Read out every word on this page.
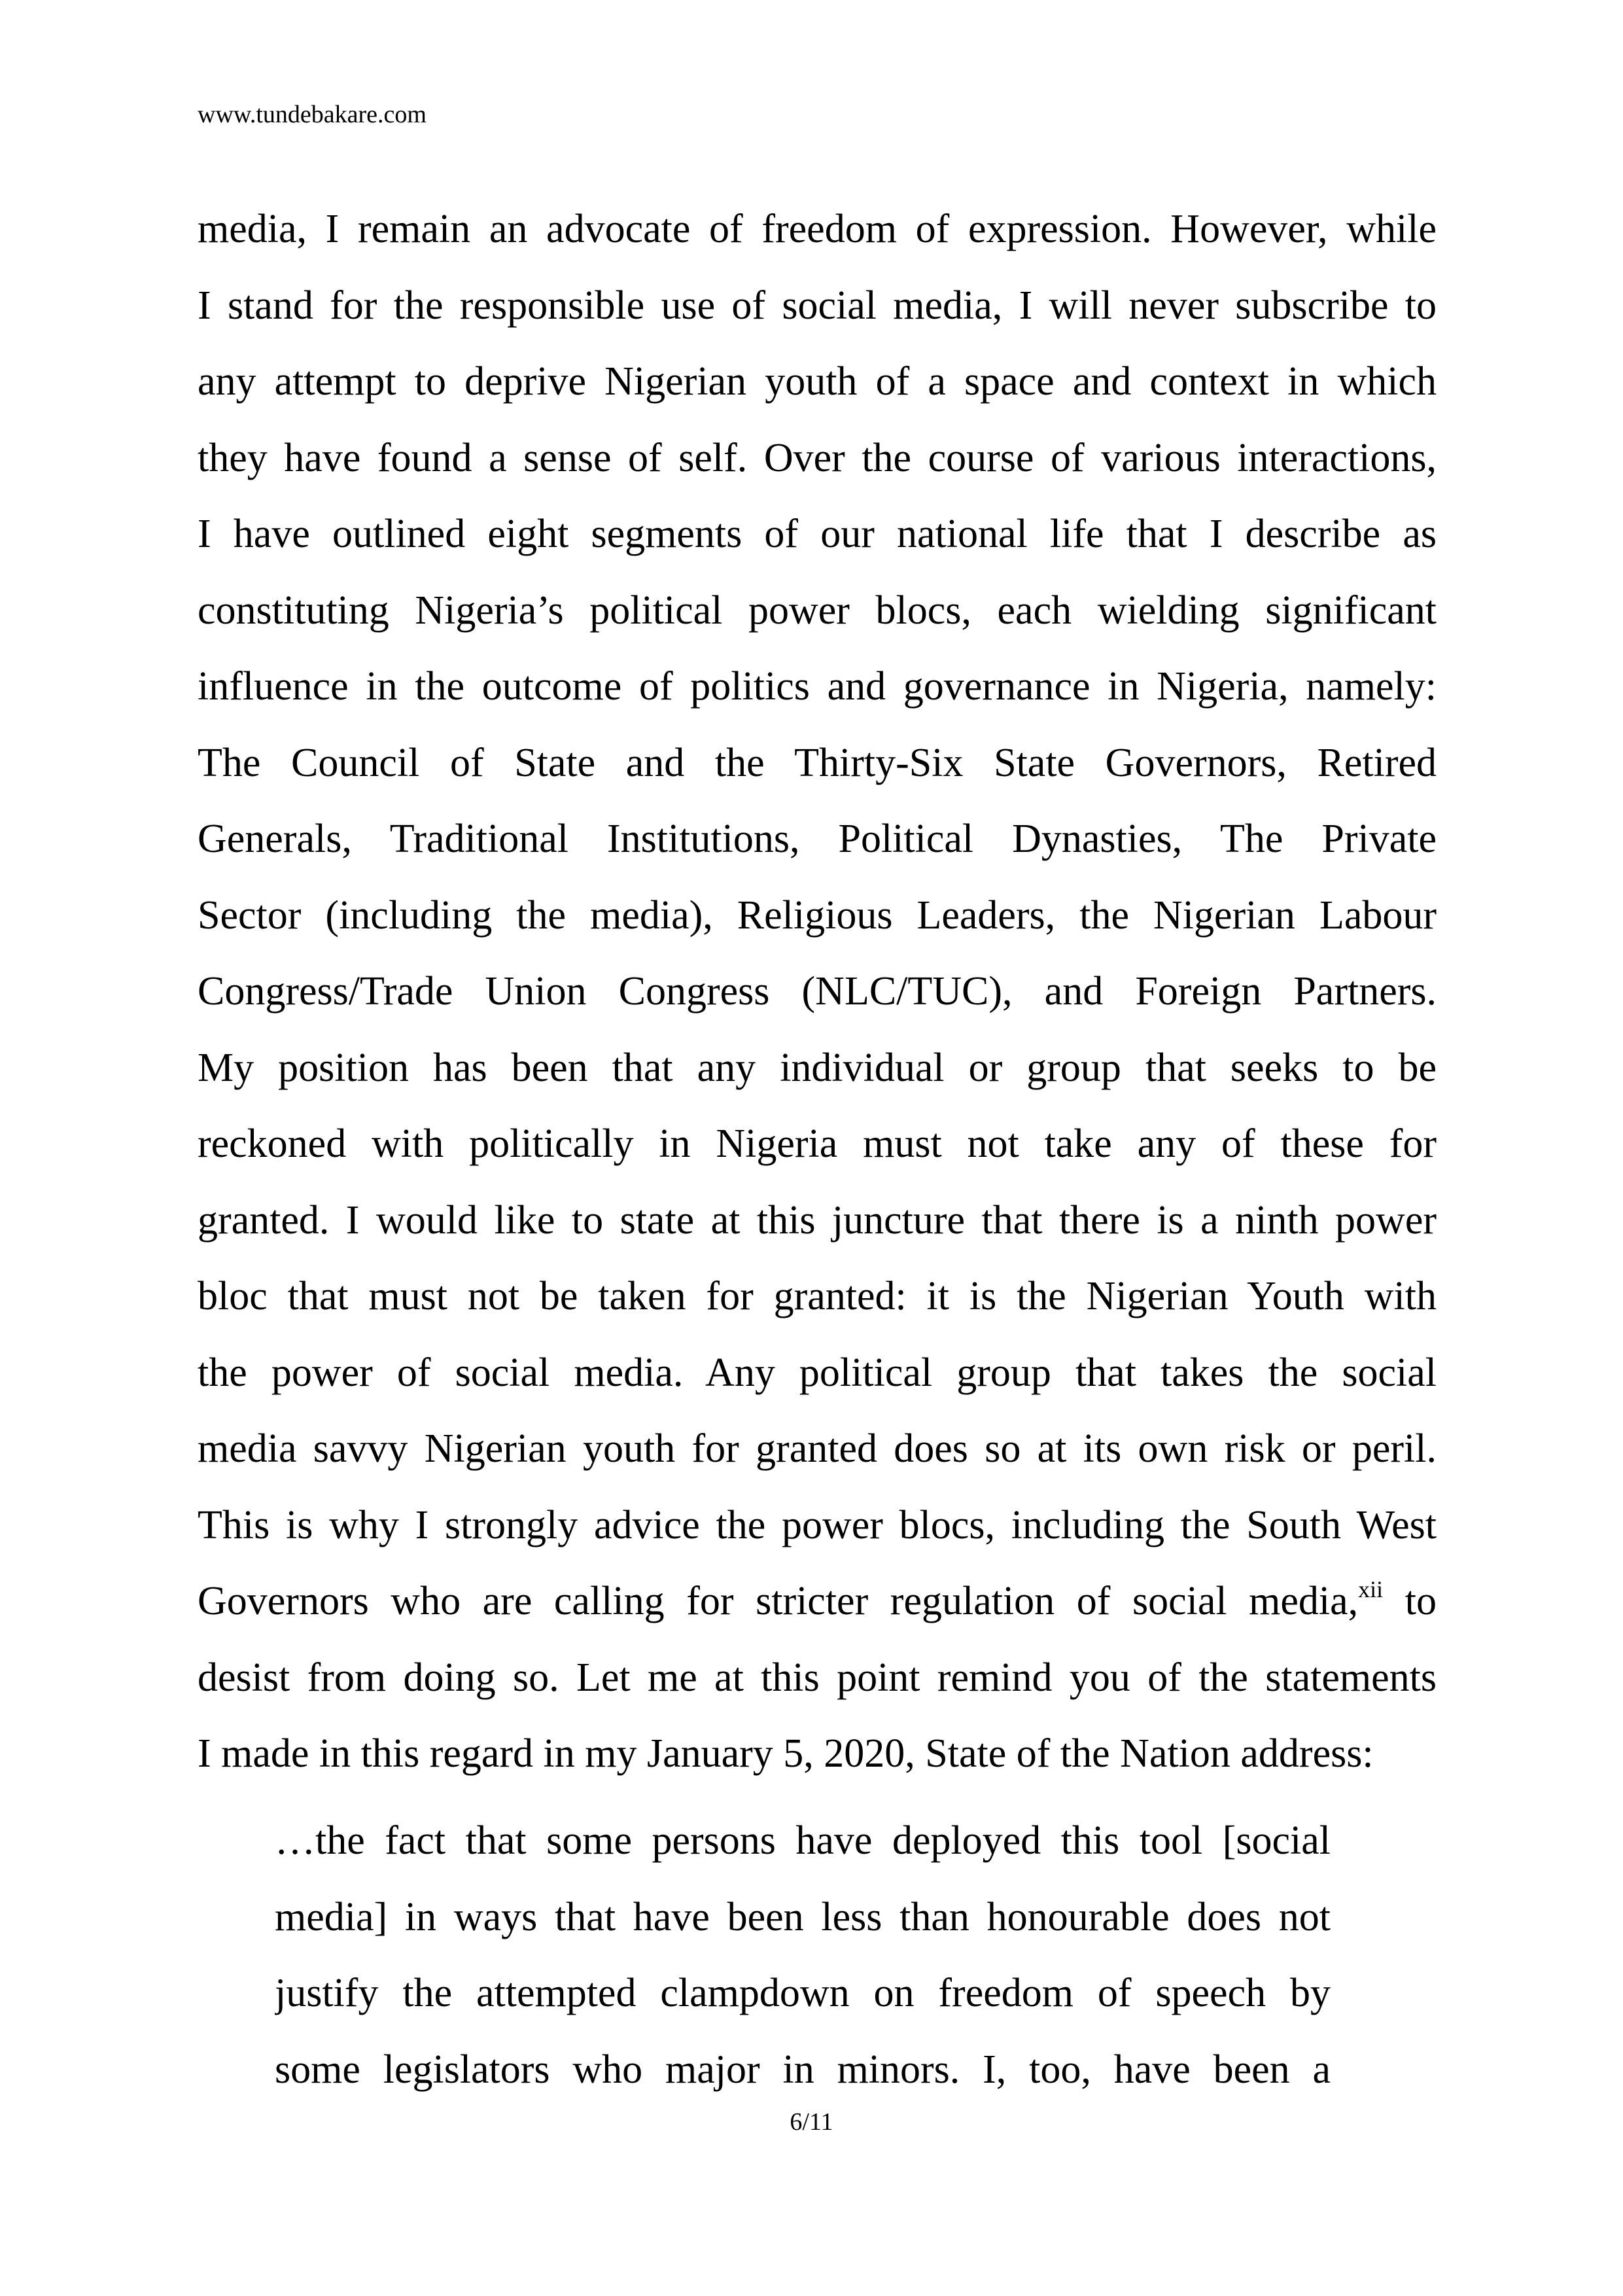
www.tundebakare.com
media, I remain an advocate of freedom of expression. However, while
I stand for the responsible use of social media, I will never subscribe to
any attempt to deprive Nigerian youth of a space and context in which
they have found a sense of self. Over the course of various interactions,
I have outlined eight segments of our national life that I describe as
constituting Nigeria’s political power blocs, each wielding significant
influence in the outcome of politics and governance in Nigeria, namely:
The Council of State and the Thirty-Six State Governors, Retired
Generals, Traditional Institutions, Political Dynasties, The Private
Sector (including the media), Religious Leaders, the Nigerian Labour
Congress/Trade Union Congress (NLC/TUC), and Foreign Partners.
My position has been that any individual or group that seeks to be
reckoned with politically in Nigeria must not take any of these for
granted. I would like to state at this juncture that there is a ninth power
bloc that must not be taken for granted: it is the Nigerian Youth with
the power of social media. Any political group that takes the social
media savvy Nigerian youth for granted does so at its own risk or peril.
This is why I strongly advice the power blocs, including the South West
Governors who are calling for stricter regulation of social media,$^{xii}$ to
desist from doing so. Let me at this point remind you of the statements
I made in this regard in my January 5, 2020, State of the Nation address:
…the fact that some persons have deployed this tool [social
media] in ways that have been less than honourable does not
justify the attempted clampdown on freedom of speech by
some legislators who major in minors. I, too, have been a
6/11
